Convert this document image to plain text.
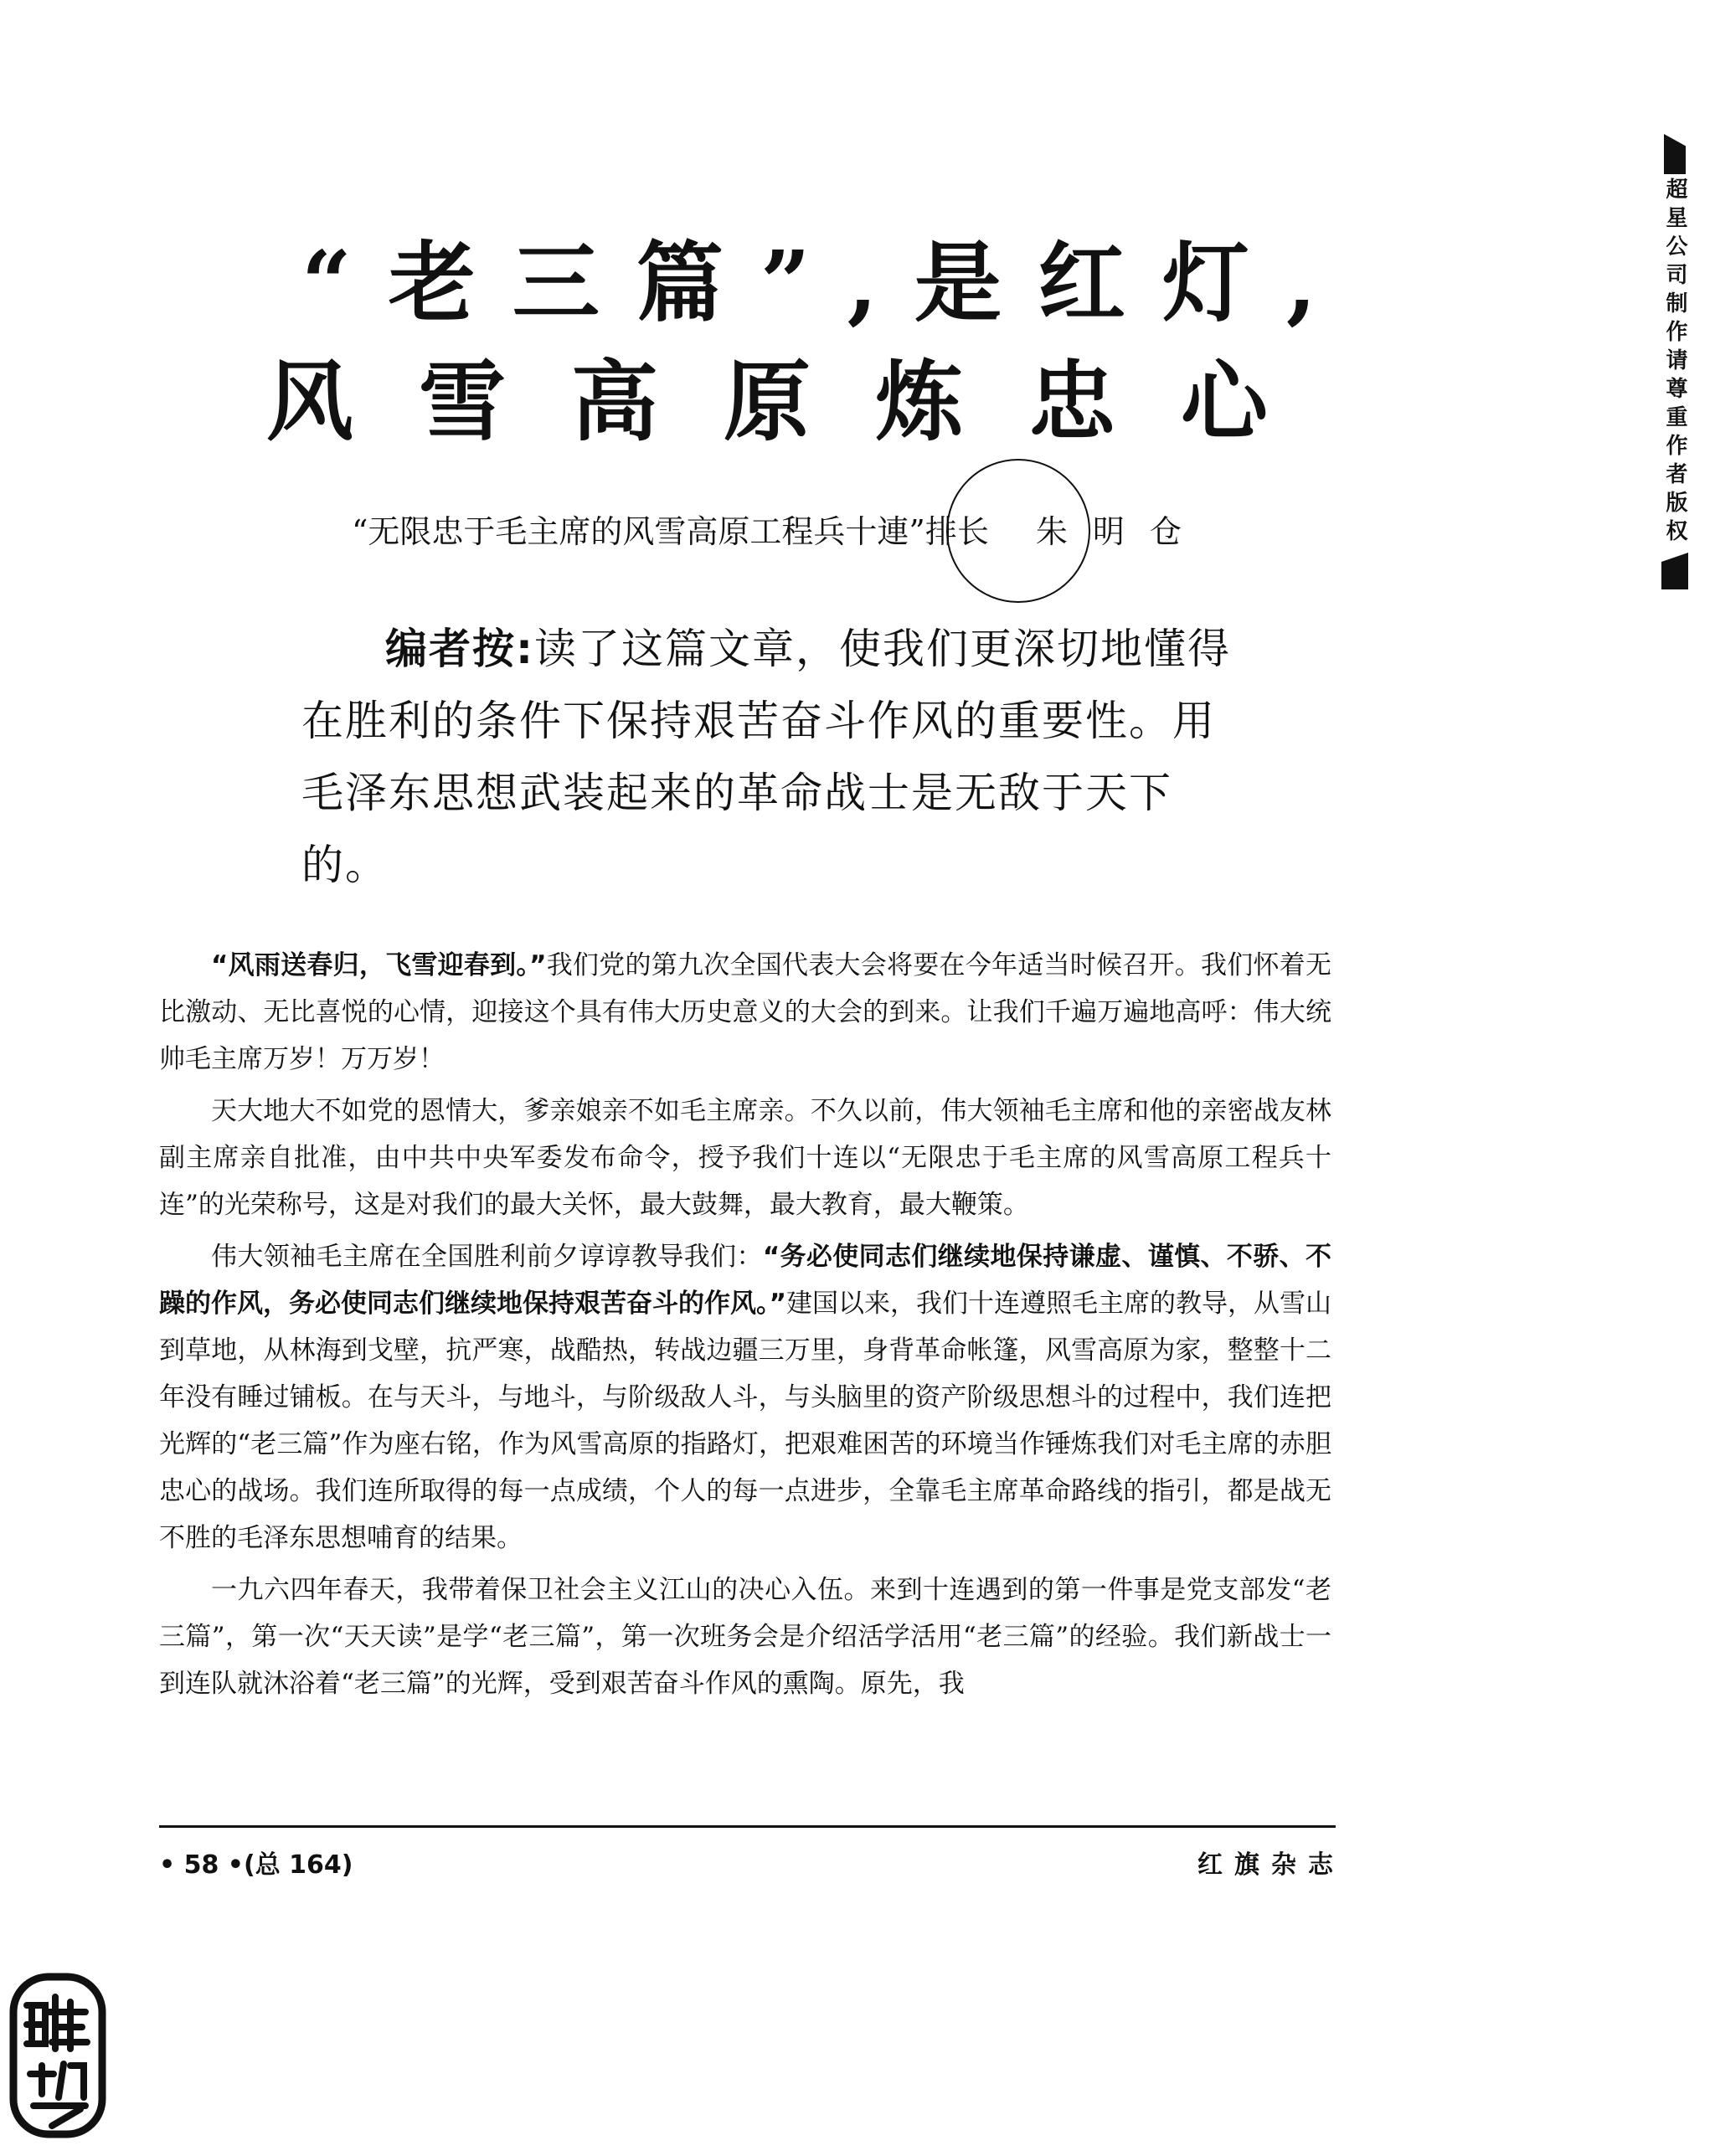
“老三篇”,是红灯,
风雪高原炼忠心
“无限忠于毛主席的风雪高原工程兵十連”排长 朱明仓
编者按:读了这篇文章，使我们更深切地懂得在胜利的条件下保持艰苦奋斗作风的重要性。用毛泽东思想武装起来的革命战士是无敌于天下的。

“风雨送春归，飞雪迎春到。”我们党的第九次全国代表大会将要在今年适当时候召开。我们怀着无比激动、无比喜悦的心情，迎接这个具有伟大历史意义的大会的到来。让我们千遍万遍地高呼：伟大统帅毛主席万岁！万万岁！

天大地大不如党的恩情大，爹亲娘亲不如毛主席亲。不久以前，伟大领袖毛主席和他的亲密战友林副主席亲自批准，由中共中央军委发布命令，授予我们十连以“无限忠于毛主席的风雪高原工程兵十连”的光荣称号，这是对我们的最大关怀，最大鼓舞，最大教育，最大鞭策。

伟大领袖毛主席在全国胜利前夕谆谆教导我们：“务必使同志们继续地保持谦虚、谨慎、不骄、不躁的作风，务必使同志们继续地保持艰苦奋斗的作风。”建国以来，我们十连遵照毛主席的教导，从雪山到草地，从林海到戈壁，抗严寒，战酷热，转战边疆三万里，身背革命帐篷，风雪高原为家，整整十二年没有睡过铺板。在与天斗，与地斗，与阶级敌人斗，与头脑里的资产阶级思想斗的过程中，我们连把光辉的“老三篇”作为座右铭，作为风雪高原的指路灯，把艰难困苦的环境当作锤炼我们对毛主席的赤胆忠心的战场。我们连所取得的每一点成绩，个人的每一点进步，全靠毛主席革命路线的指引，都是战无不胜的毛泽东思想哺育的结果。

一九六四年春天，我带着保卫社会主义江山的决心入伍。来到十连遇到的第一件事是党支部发“老三篇”，第一次“天天读”是学“老三篇”，第一次班务会是介绍活学活用“老三篇”的经验。我们新战士一到连队就沐浴着“老三篇”的光辉，受到艰苦奋斗作风的熏陶。原先，我

• 58 •(总 164)	红旗杂志
超星公司制作请尊重作者版权
